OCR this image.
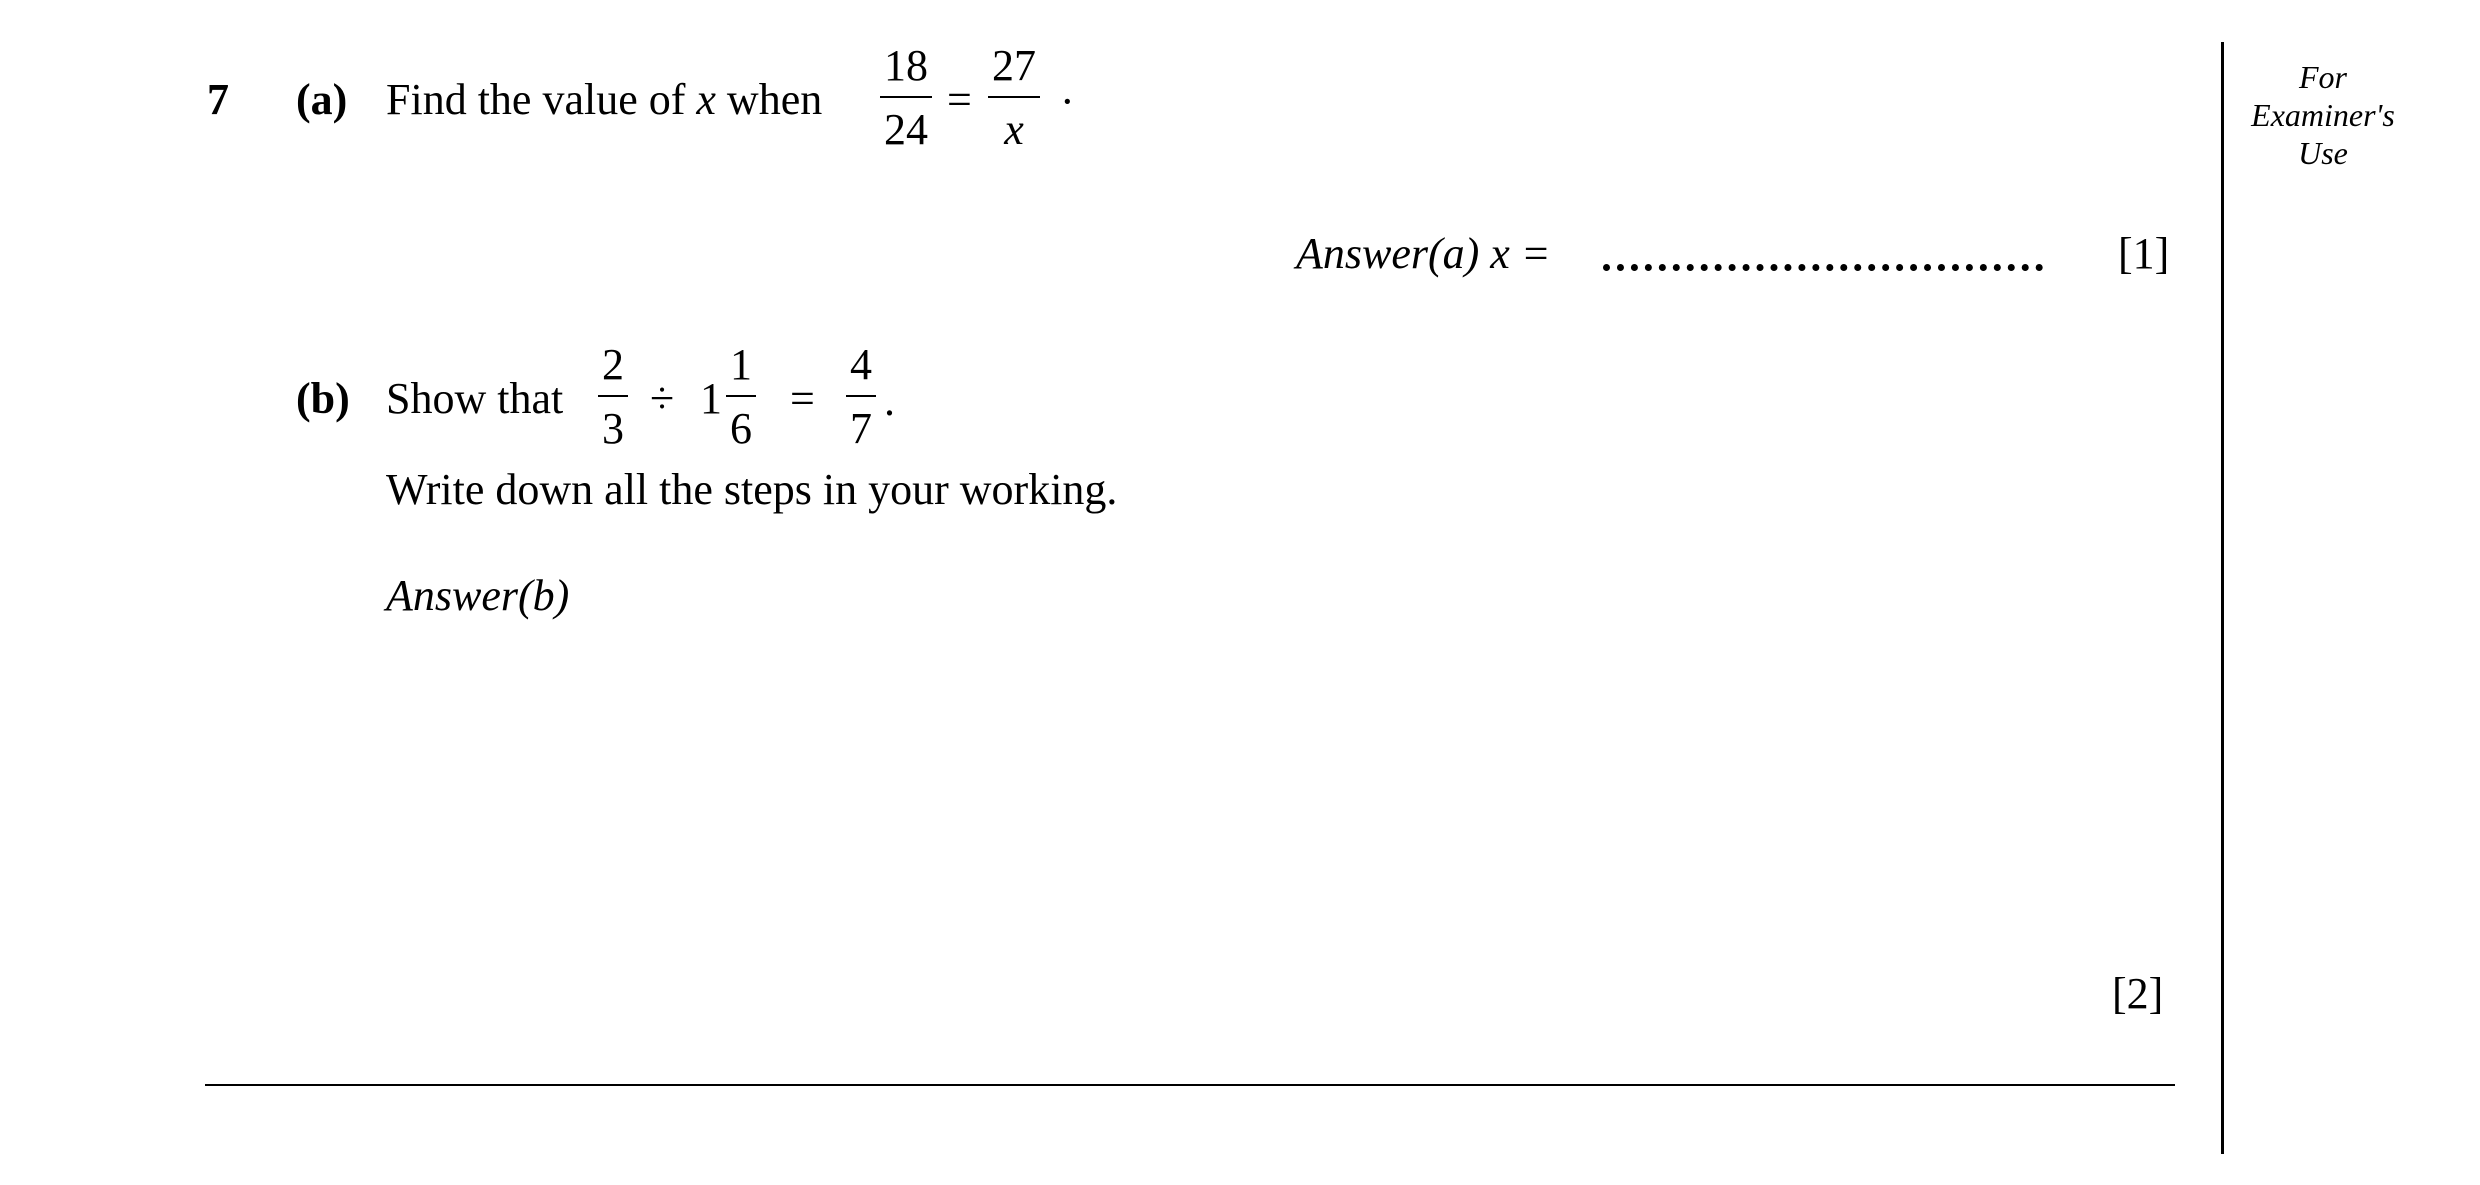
7 (a) Find the value of x when
18
24
=
27
x
·
Answer(a) x =	[1]
(b) Show that
2
3
÷ 1
1
6
=
4
7
.
Write down all the steps in your working.
Answer(b)
[2]
For
Examiner's
Use
